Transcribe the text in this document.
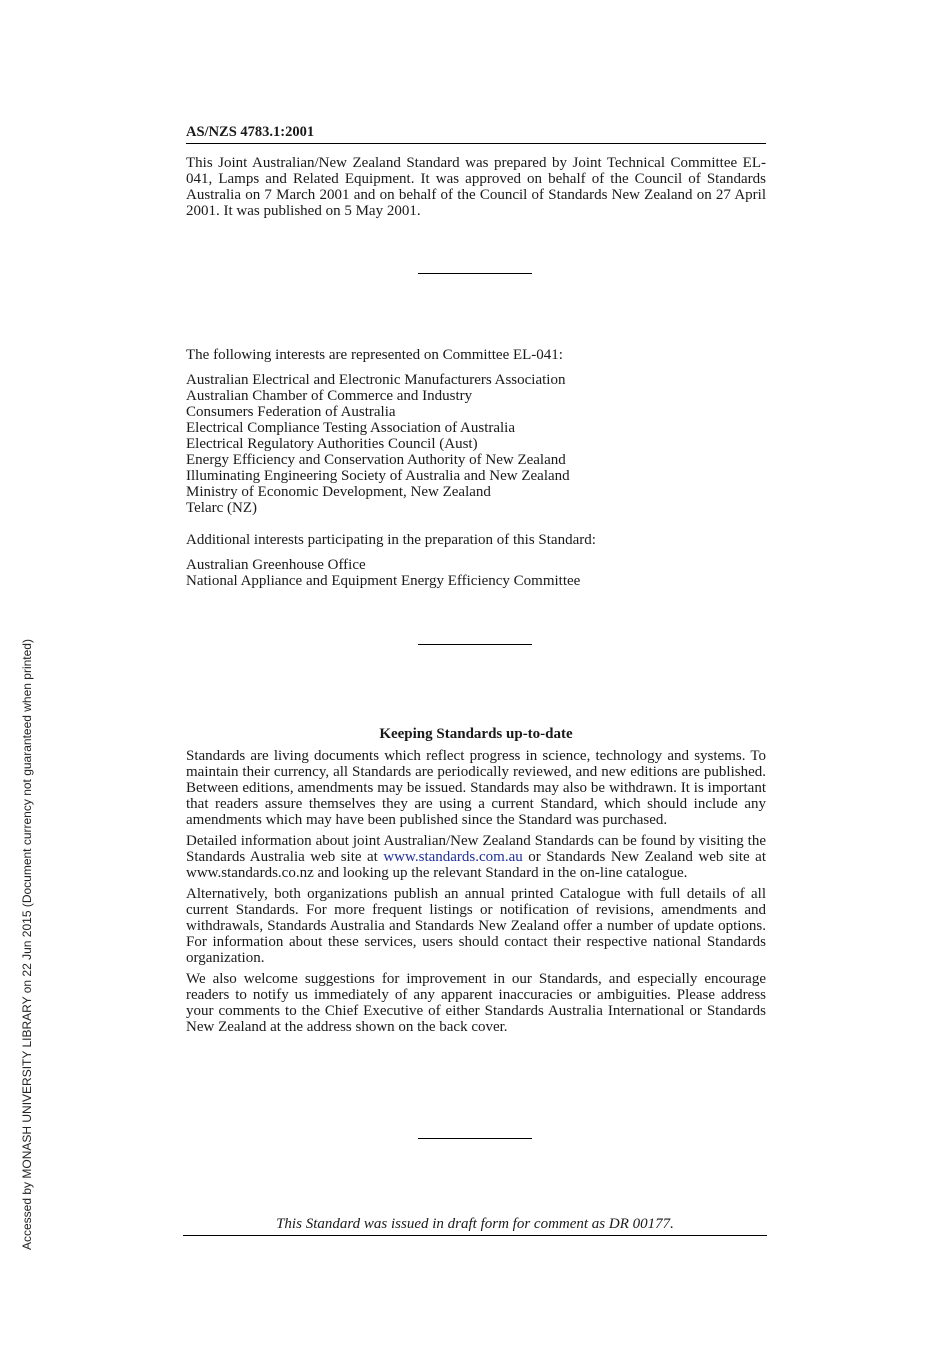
AS/NZS 4783.1:2001

This Joint Australian/New Zealand Standard was prepared by Joint Technical Committee EL-041, Lamps and Related Equipment. It was approved on behalf of the Council of Standards Australia on 7 March 2001 and on behalf of the Council of Standards New Zealand on 27 April 2001. It was published on 5 May 2001.

The following interests are represented on Committee EL-041:

Australian Electrical and Electronic Manufacturers Association
Australian Chamber of Commerce and Industry
Consumers Federation of Australia
Electrical Compliance Testing Association of Australia
Electrical Regulatory Authorities Council (Aust)
Energy Efficiency and Conservation Authority of New Zealand
Illuminating Engineering Society of Australia and New Zealand
Ministry of Economic Development, New Zealand
Telarc (NZ)

Additional interests participating in the preparation of this Standard:

Australian Greenhouse Office
National Appliance and Equipment Energy Efficiency Committee
Keeping Standards up-to-date

Standards are living documents which reflect progress in science, technology and systems. To maintain their currency, all Standards are periodically reviewed, and new editions are published. Between editions, amendments may be issued. Standards may also be withdrawn. It is important that readers assure themselves they are using a current Standard, which should include any amendments which may have been published since the Standard was purchased.

Detailed information about joint Australian/New Zealand Standards can be found by visiting the Standards Australia web site at www.standards.com.au or Standards New Zealand web site at www.standards.co.nz and looking up the relevant Standard in the on-line catalogue.

Alternatively, both organizations publish an annual printed Catalogue with full details of all current Standards. For more frequent listings or notification of revisions, amendments and withdrawals, Standards Australia and Standards New Zealand offer a number of update options. For information about these services, users should contact their respective national Standards organization.

We also welcome suggestions for improvement in our Standards, and especially encourage readers to notify us immediately of any apparent inaccuracies or ambiguities. Please address your comments to the Chief Executive of either Standards Australia International or Standards New Zealand at the address shown on the back cover.

This Standard was issued in draft form for comment as DR 00177.
Accessed by MONASH UNIVERSITY LIBRARY on 22 Jun 2015 (Document currency not guaranteed when printed)
